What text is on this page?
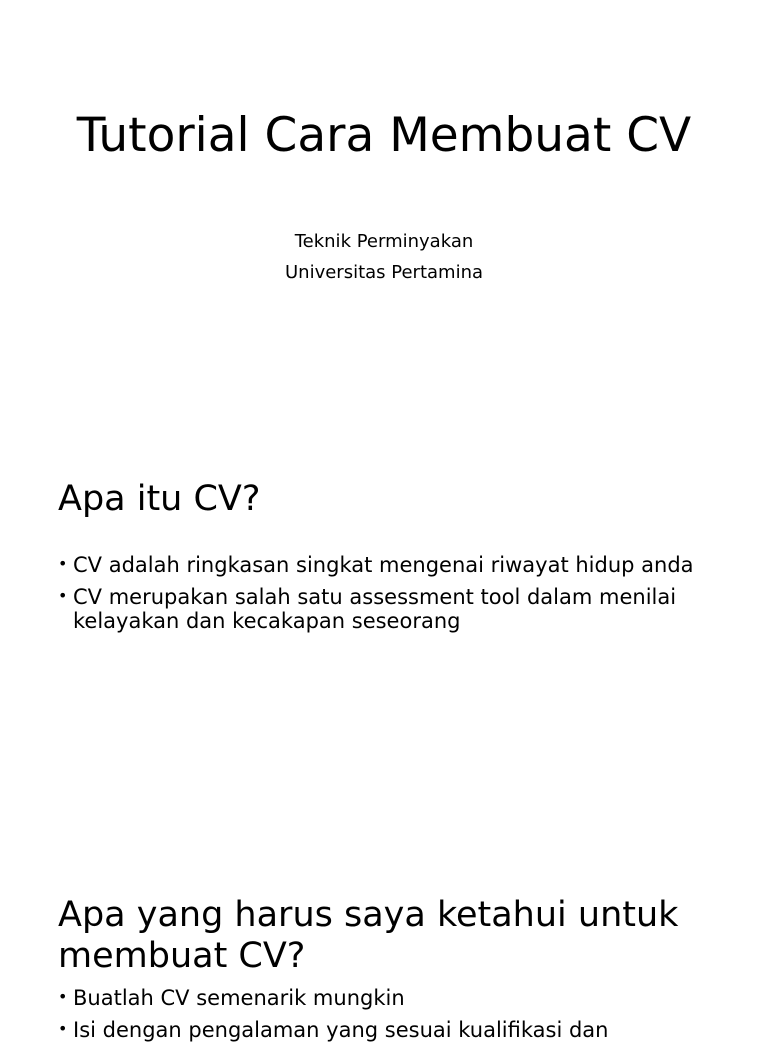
Tutorial Cara Membuat CV

Teknik Perminyakan

Universitas Pertamina

Apa itu CV?
• CV adalah ringkasan singkat mengenai riwayat hidup anda
• CV merupakan salah satu assessment tool dalam menilai kelayakan dan kecakapan seseorang
Apa yang harus saya ketahui untuk membuat CV?
• Buatlah CV semenarik mungkin
• Isi dengan pengalaman yang sesuai kualifikasi dan
